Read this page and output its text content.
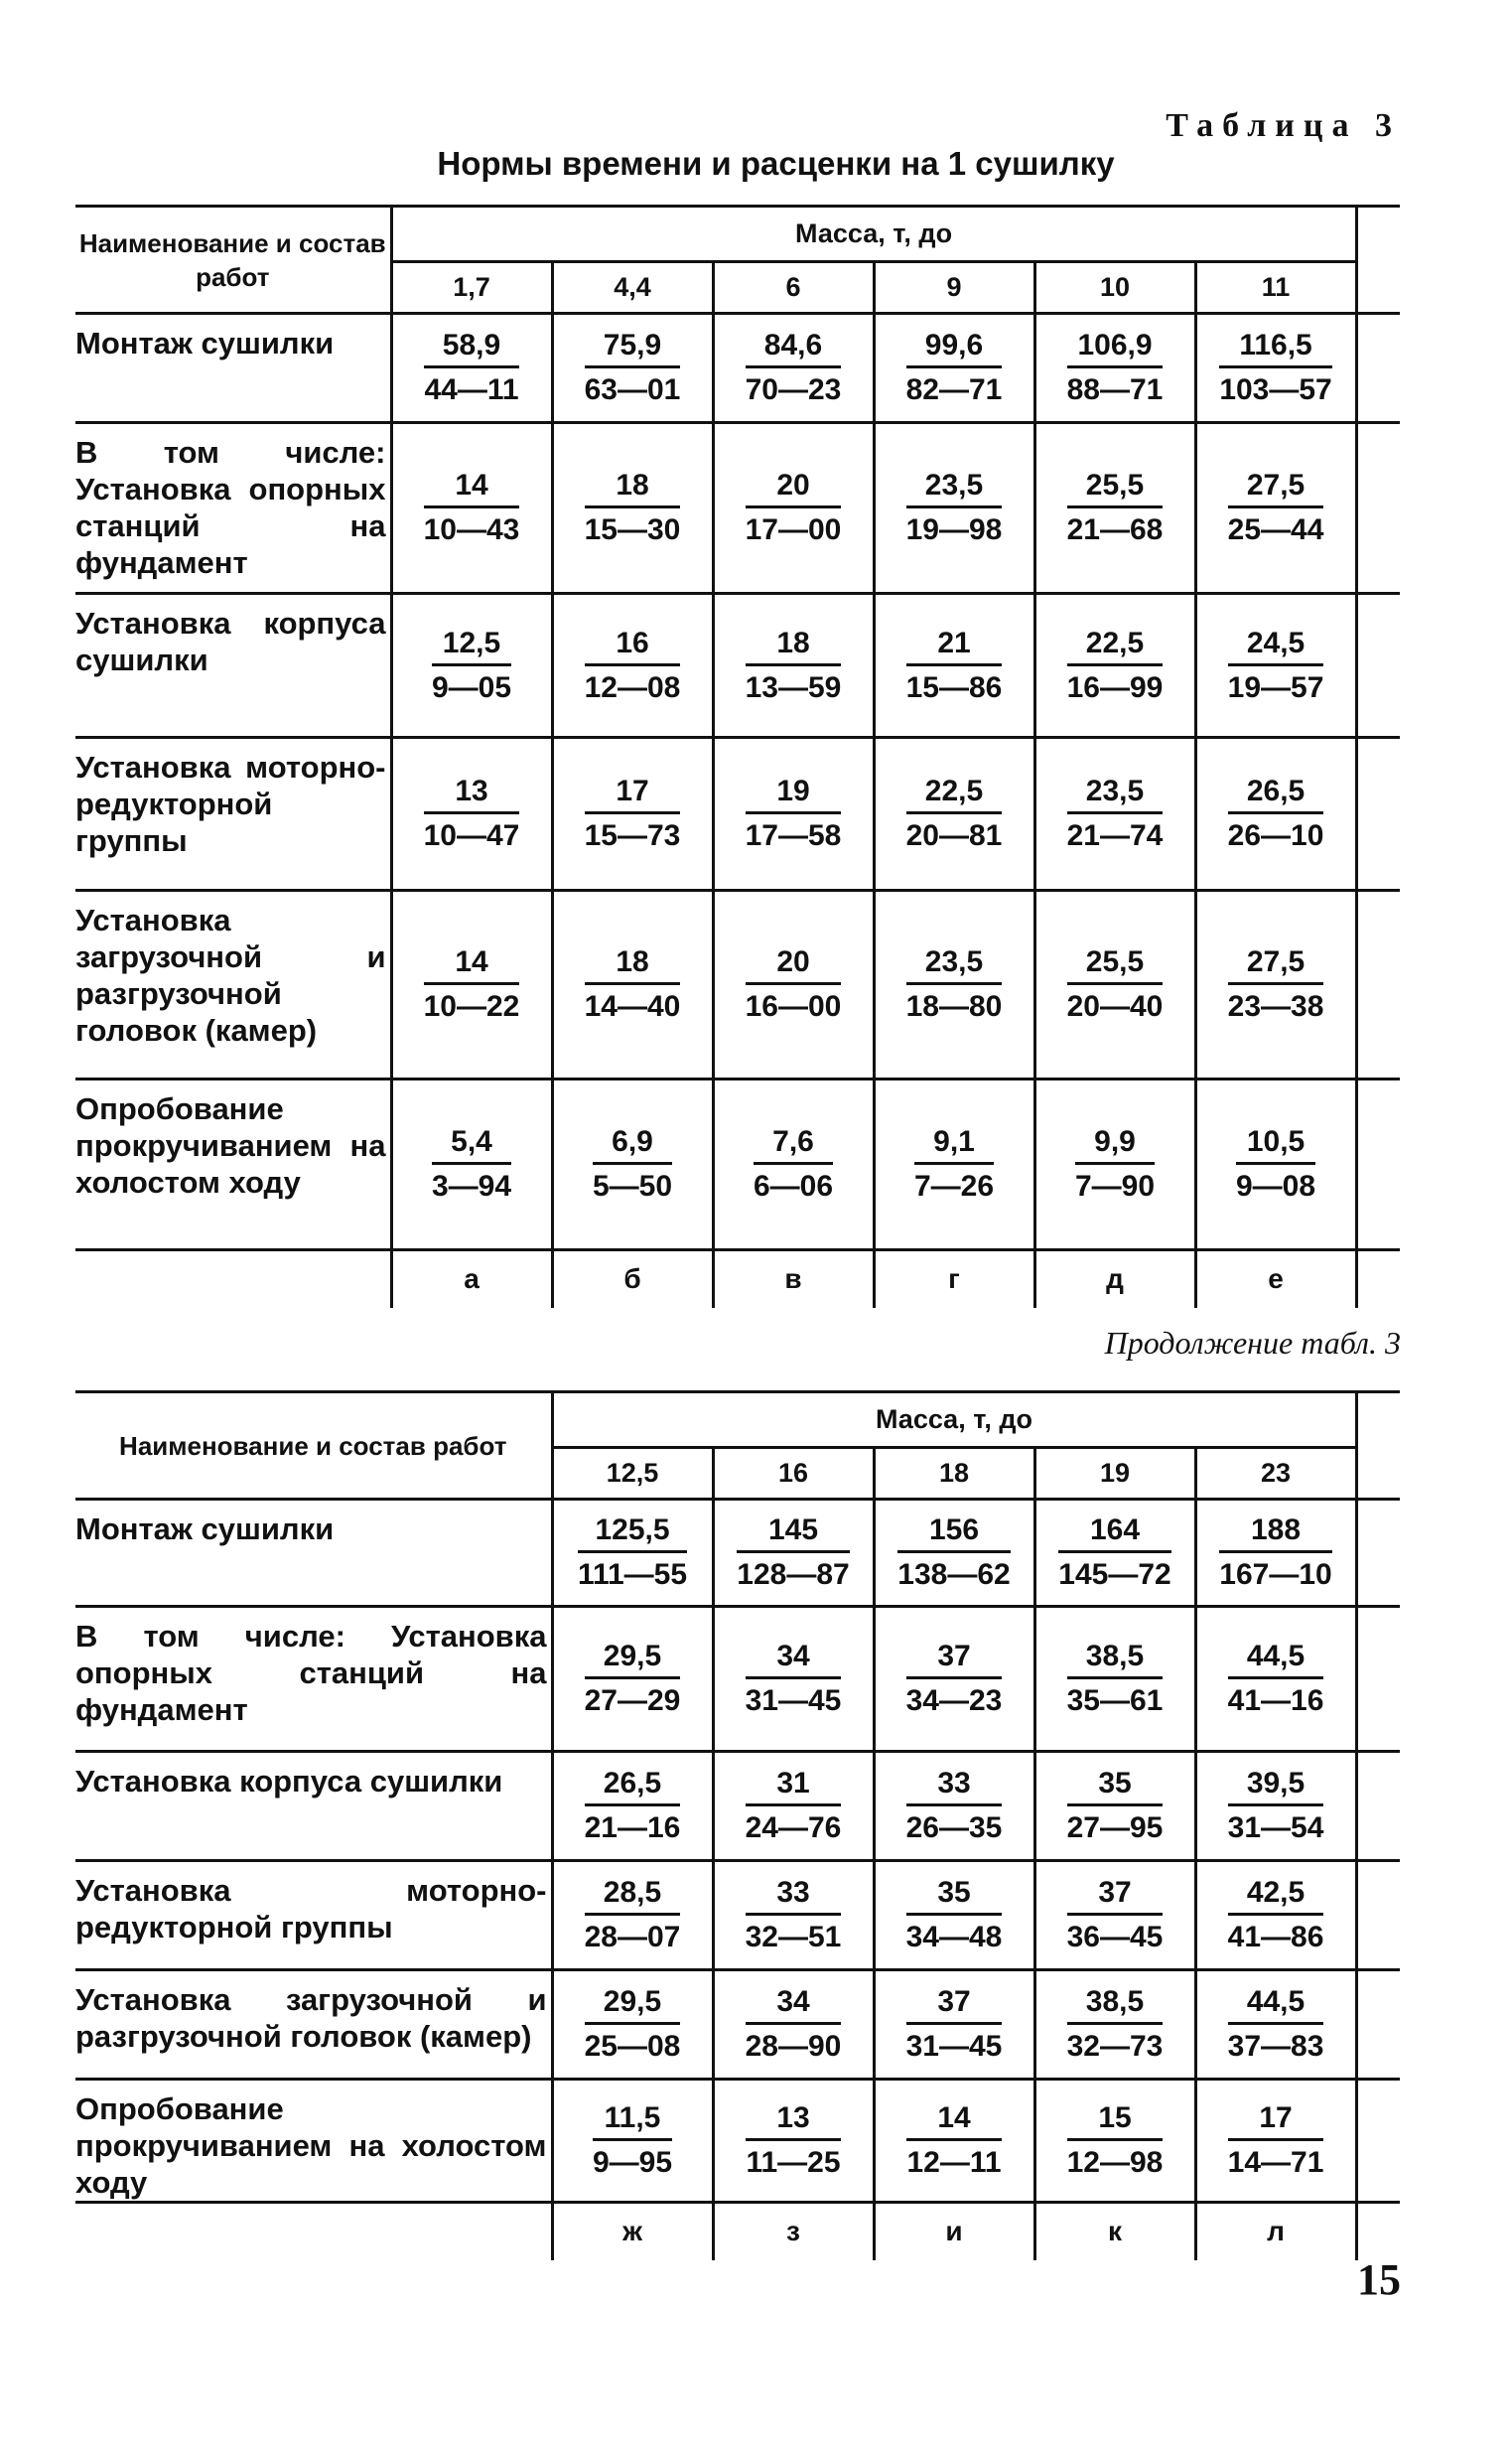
Таблица 3
Нормы времени и расценки на 1 сушилку
Наименование и состав работ	Масса, т, до						
	1,7	4,4	6	9	10	11	
Монтаж сушилки	$\frac{58,9}{44—11}$	$\frac{75,9}{63—01}$	$\frac{84,6}{70—23}$	$\frac{99,6}{82—71}$	$\frac{106,9}{88—71}$	$\frac{116,5}{103—57}$

В том числе: Установка опорных станций на фундамент	$\frac{14}{10—43}$	$\frac{18}{15—30}$	$\frac{20}{17—00}$	$\frac{23,5}{19—98}$	$\frac{25,5}{21—68}$	$\frac{27,5}{25—44}$

Установка корпуса сушилки	$\frac{12,5}{9—05}$	$\frac{16}{12—08}$	$\frac{18}{13—59}$	$\frac{21}{15—86}$	$\frac{22,5}{16—99}$	$\frac{24,5}{19—57}$

Установка моторно-редукторной группы	$\frac{13}{10—47}$	$\frac{17}{15—73}$	$\frac{19}{17—58}$	$\frac{22,5}{20—81}$	$\frac{23,5}{21—74}$	$\frac{26,5}{26—10}$

Установка загрузочной и разгрузочной головок (камер)	$\frac{14}{10—22}$	$\frac{18}{14—40}$	$\frac{20}{16—00}$	$\frac{23,5}{18—80}$	$\frac{25,5}{20—40}$	$\frac{27,5}{23—38}$

Опробование прокручиванием на холостом ходу	$\frac{5,4}{3—94}$	$\frac{6,9}{5—50}$	$\frac{7,6}{6—06}$	$\frac{9,1}{7—26}$	$\frac{9,9}{7—90}$	$\frac{10,5}{9—08}$

	а	б	в	г	д	е	
Продолжение табл. 3
Наименование и состав работ	Масса, т, до					
	12,5	16	18	19	23	
Монтаж сушилки	$\frac{125,5}{111—55}$	$\frac{145}{128—87}$	$\frac{156}{138—62}$	$\frac{164}{145—72}$	$\frac{188}{167—10}$

В том числе: Установка опорных станций на фундамент	$\frac{29,5}{27—29}$	$\frac{34}{31—45}$	$\frac{37}{34—23}$	$\frac{38,5}{35—61}$	$\frac{44,5}{41—16}$

Установка корпуса сушилки	$\frac{26,5}{21—16}$	$\frac{31}{24—76}$	$\frac{33}{26—35}$	$\frac{35}{27—95}$	$\frac{39,5}{31—54}$

Установка моторно-редукторной группы	$\frac{28,5}{28—07}$	$\frac{33}{32—51}$	$\frac{35}{34—48}$	$\frac{37}{36—45}$	$\frac{42,5}{41—86}$

Установка загрузочной и разгрузочной головок (камер)	$\frac{29,5}{25—08}$	$\frac{34}{28—90}$	$\frac{37}{31—45}$	$\frac{38,5}{32—73}$	$\frac{44,5}{37—83}$

Опробование прокручиванием на холостом ходу	$\frac{11,5}{9—95}$	$\frac{13}{11—25}$	$\frac{14}{12—11}$	$\frac{15}{12—98}$	$\frac{17}{14—71}$

	ж	з	и	к	л	
15
